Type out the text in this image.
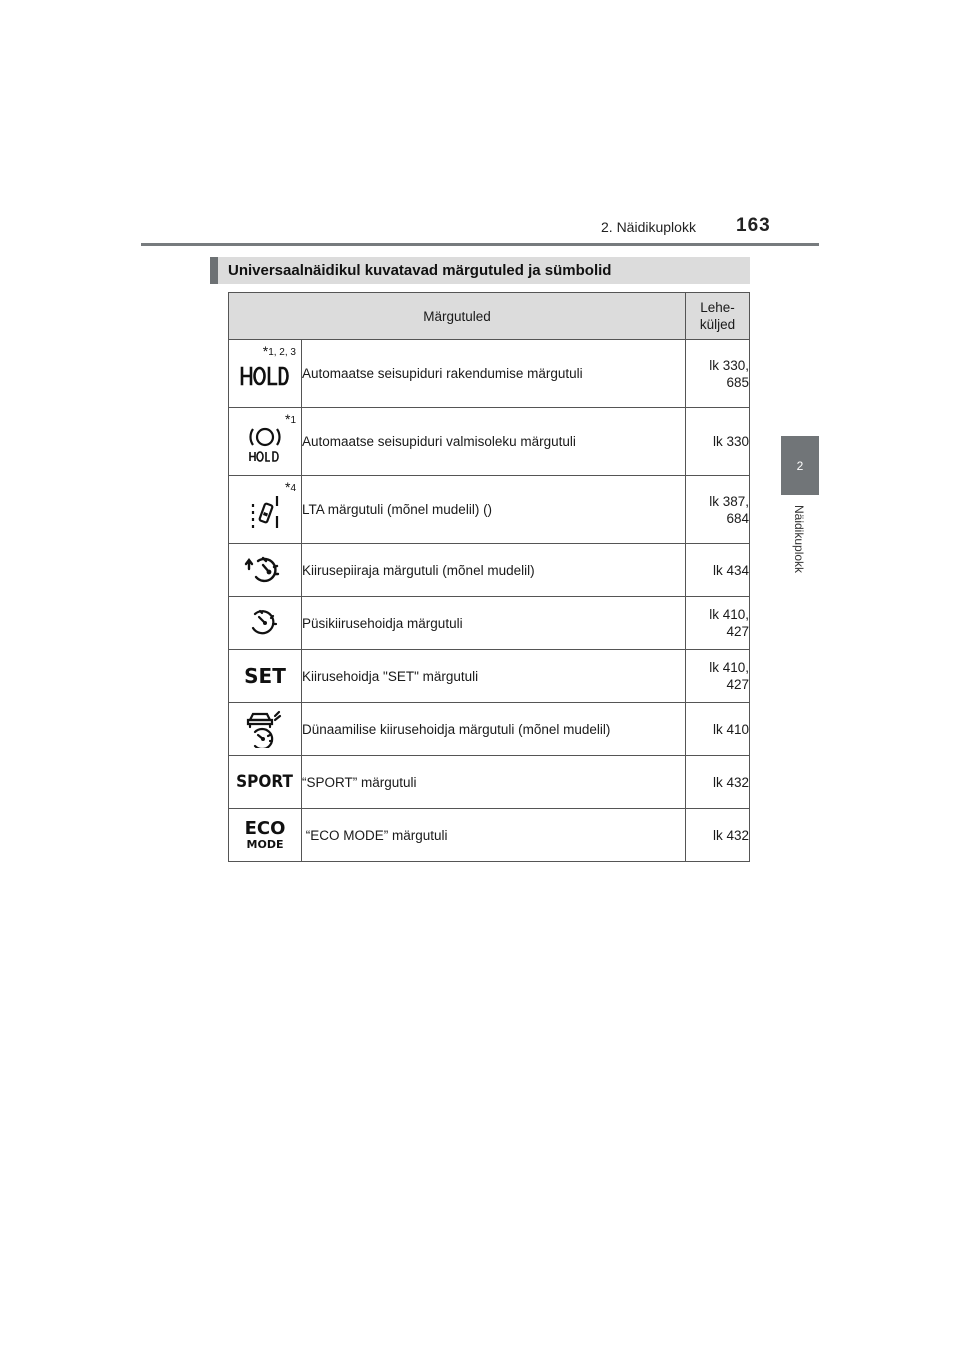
2. Näidikuplokk 163
2
Näidikuplokk
Universaalnäidikul kuvatavad märgutuled ja sümbolid
Märgutuled		Lehe-
küljed

*1, 2, 3	Automaatse seisupiduri rakendumise märgutuli	lk 330,
685

*1	Automaatse seisupiduri valmisoleku märgutuli	lk 330

*4	LTA märgutuli (mõnel mudelil) ()	lk 387,
684

	Kiirusepiiraja märgutuli (mõnel mudelil)	lk 434

	Püsikiirusehoidja märgutuli	lk 410,
427

SET	Kiirusehoidja "SET" märgutuli	lk 410,
427

	Dünaamilise kiirusehoidja märgutuli (mõnel mudelil)	lk 410

SPORT	“SPORT” märgutuli	lk 432

ECO
MODE	“ECO MODE” märgutuli	lk 432
